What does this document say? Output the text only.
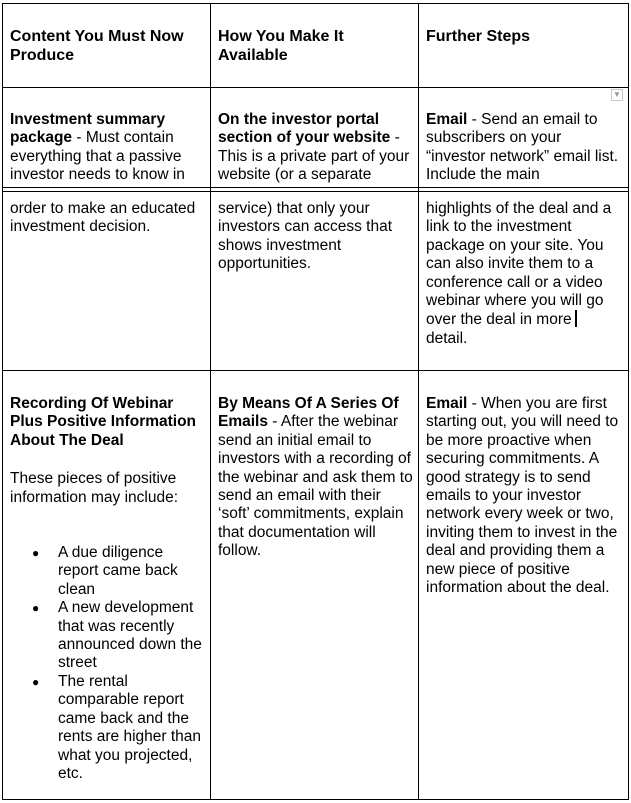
Content You Must Now Produce
How You Make It Available
Further Steps
▼
Investment summary package - Must contain everything that a passive investor needs to know in
On the investor portal section of your website - This is a private part of your website (or a separate
Email - Send an email to subscribers on your “investor network” email list. Include the main
order to make an educated investment decision.
service) that only your investors can access that shows investment opportunities.
highlights of the deal and a link to the investment package on your site. You can also invite them to a conference call or a video webinar where you will go over the deal in more
detail.
Recording Of Webinar Plus Positive Information About The Deal
These pieces of positive information may include:
● A due diligence report came back clean
● A new development that was recently announced down the street
● The rental comparable report came back and the rents are higher than what you projected, etc.
By Means Of A Series Of Emails - After the webinar send an initial email to investors with a recording of the webinar and ask them to send an email with their ‘soft’ commitments, explain that documentation will follow.
Email - When you are first starting out, you will need to be more proactive when securing commitments. A good strategy is to send emails to your investor network every week or two, inviting them to invest in the deal and providing them a new piece of positive information about the deal.
